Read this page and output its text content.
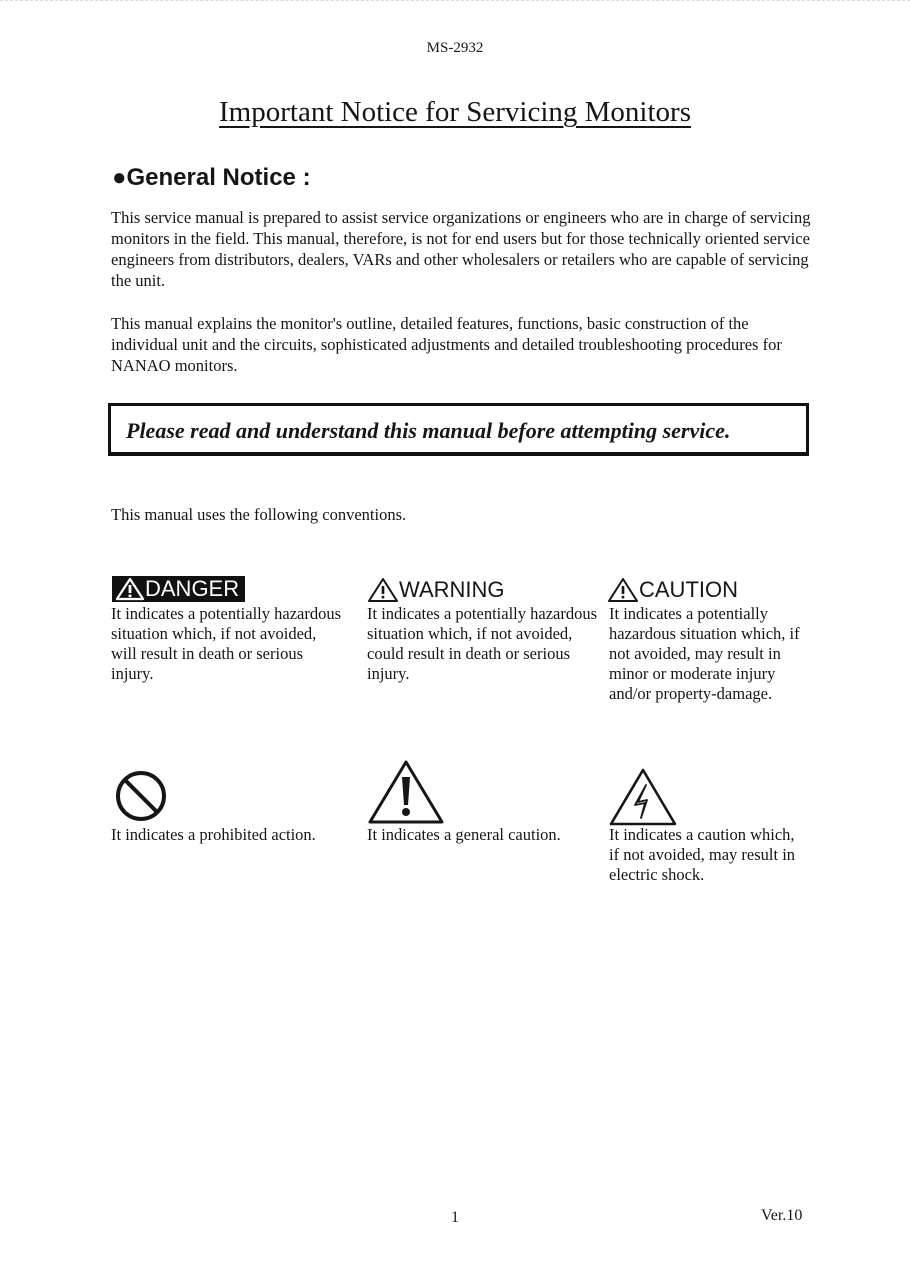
MS-2932
Important Notice for Servicing Monitors
●General Notice :
This service manual is prepared to assist service organizations or engineers who are in charge of servicing monitors in the field. This manual, therefore, is not for end users but for those technically oriented service engineers from distributors, dealers, VARs and other wholesalers or retailers who are capable of servicing the unit.
This manual explains the monitor's outline, detailed features, functions, basic construction of the individual unit and the circuits, sophisticated adjustments and detailed troubleshooting procedures for NANAO monitors.
Please read and understand this manual before attempting service.
This manual uses the following conventions.
DANGER	WARNING	CAUTION
It indicates a potentially hazardous situation which, if not avoided, will result in death or serious injury.
It indicates a potentially hazardous situation which, if not avoided, could result in death or serious injury.
It indicates a potentially hazardous situation which, if not avoided, may result in minor or moderate injury and/or property-damage.
It indicates a prohibited action.	It indicates a general caution.	It indicates a caution which, if not avoided, may result in electric shock.
1	Ver.10
